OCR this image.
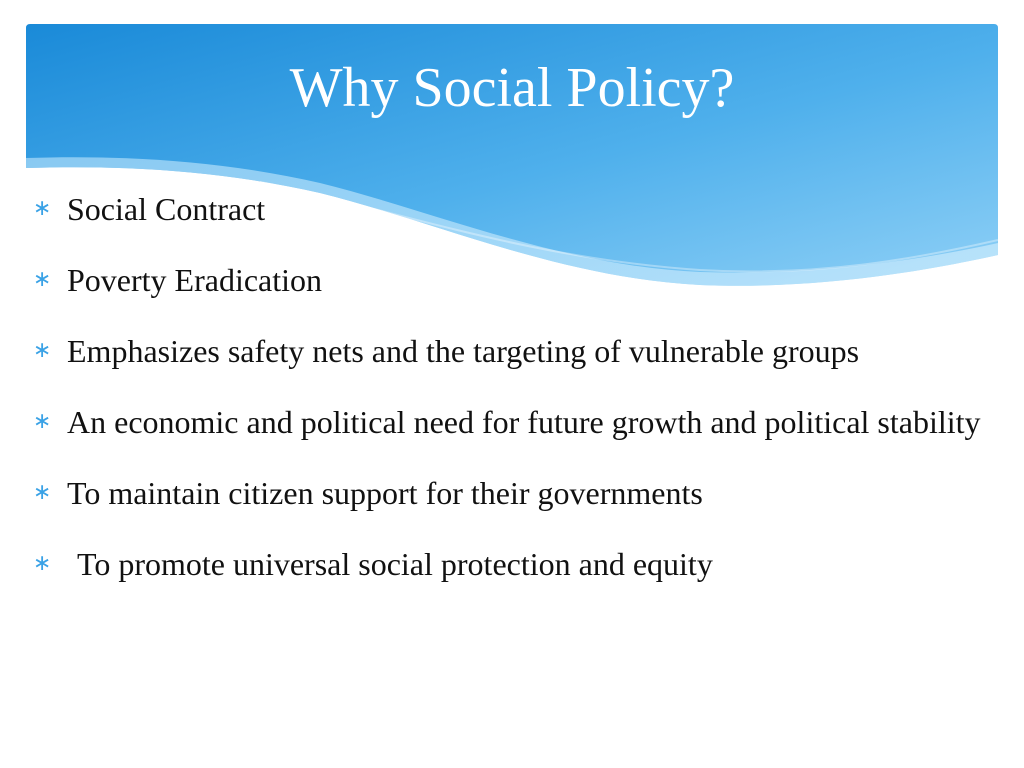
Why Social Policy?
∗ Social Contract
∗ Poverty Eradication
∗ Emphasizes safety nets and the targeting of vulnerable groups
∗ An economic and political need for future growth and political stability
∗ To maintain citizen support for their governments
∗ To promote universal social protection and equity
